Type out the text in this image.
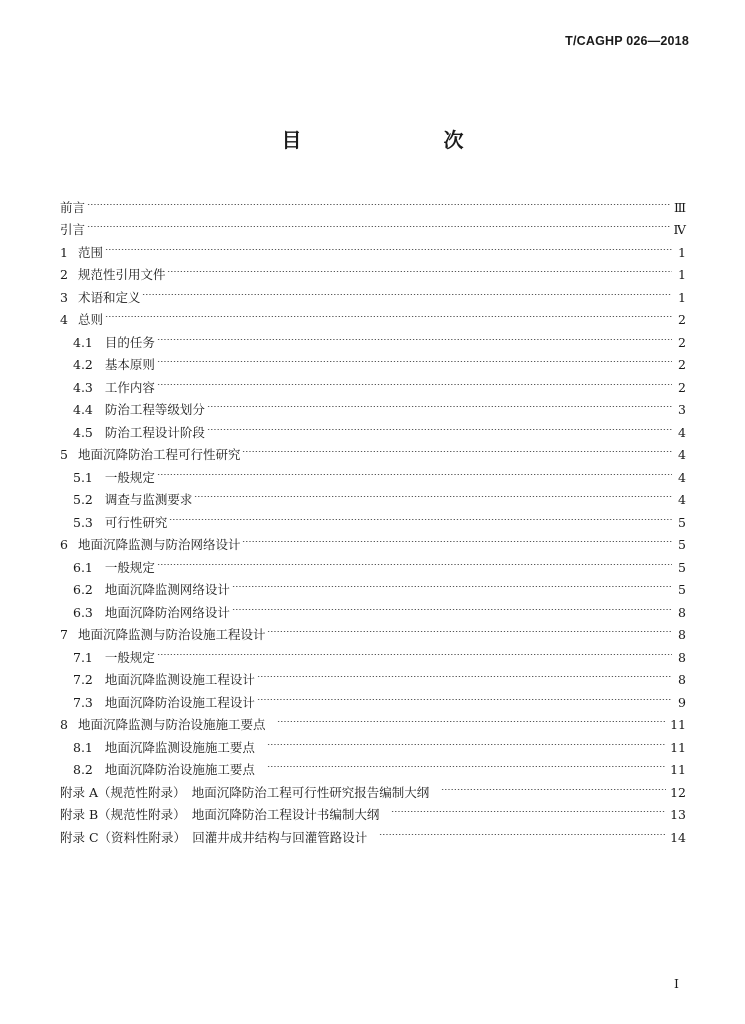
T/CAGHP 026—2018
目　　次
前言	Ⅲ
引言	Ⅳ
1 范围	1
2 规范性引用文件	1
3 术语和定义	1
4 总则	2
4.1 目的任务	2
4.2 基本原则	2
4.3 工作内容	2
4.4 防治工程等级划分	3
4.5 防治工程设计阶段	4
5 地面沉降防治工程可行性研究	4
5.1 一般规定	4
5.2 调查与监测要求	4
5.3 可行性研究	5
6 地面沉降监测与防治网络设计	5
6.1 一般规定	5
6.2 地面沉降监测网络设计	5
6.3 地面沉降防治网络设计	8
7 地面沉降监测与防治设施工程设计	8
7.1 一般规定	8
7.2 地面沉降监测设施工程设计	8
7.3 地面沉降防治设施工程设计	9
8 地面沉降监测与防治设施施工要点	11
8.1 地面沉降监测设施施工要点	11
8.2 地面沉降防治设施施工要点	11
附录 A（规范性附录）　地面沉降防治工程可行性研究报告编制大纲	12
附录 B（规范性附录）　地面沉降防治工程设计书编制大纲	13
附录 C（资料性附录）　回灌井成井结构与回灌管路设计	14
Ⅰ
